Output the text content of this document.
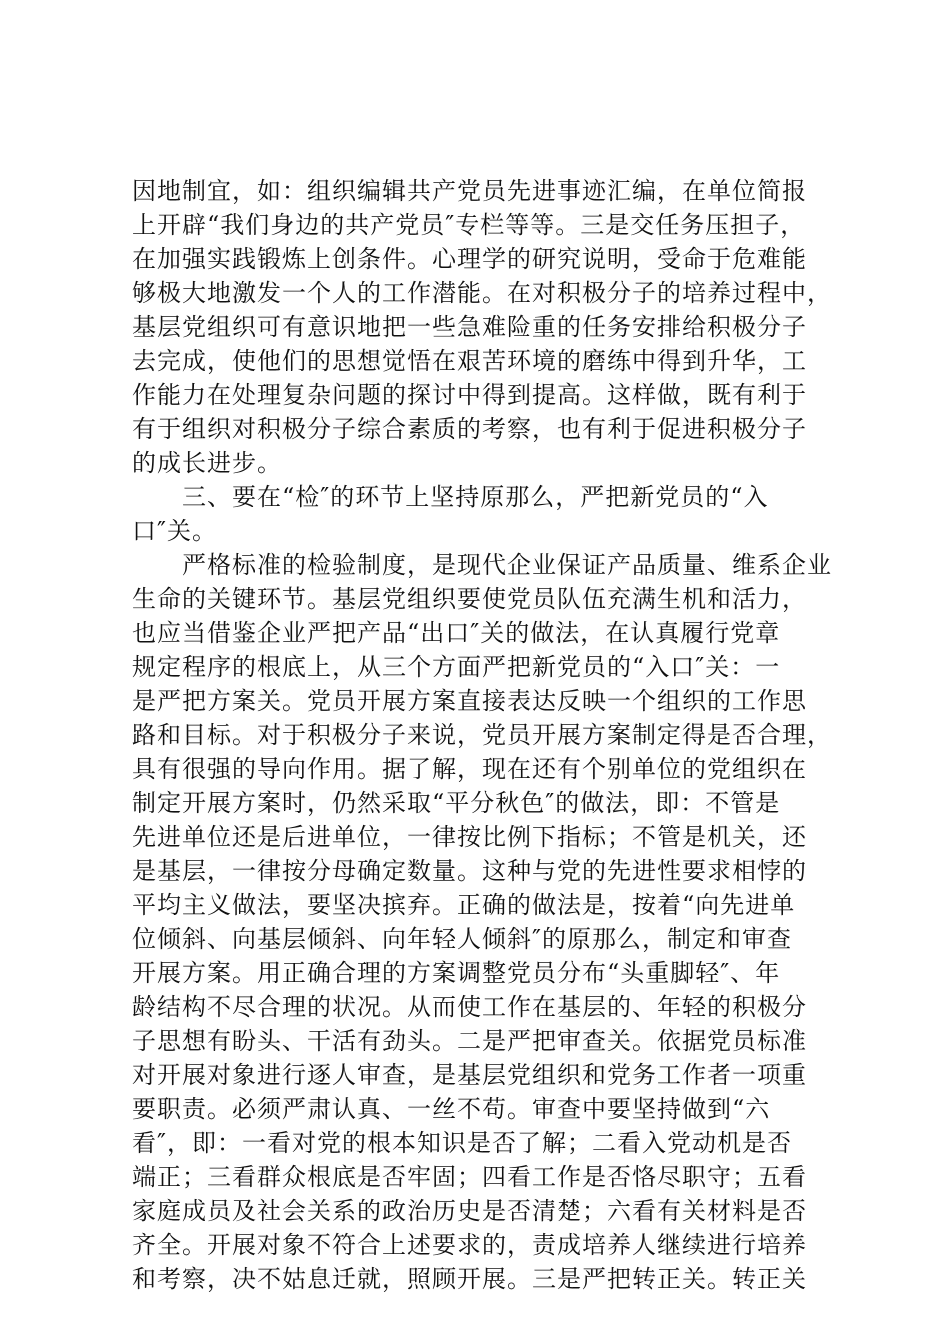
因地制宜，如：组织编辑共产党员先进事迹汇编，在单位简报
上开辟“我们身边的共产党员″专栏等等。三是交任务压担子，
在加强实践锻炼上创条件。心理学的研究说明，受命于危难能
够极大地激发一个人的工作潜能。在对积极分子的培养过程中，
基层党组织可有意识地把一些急难险重的任务安排给积极分子
去完成，使他们的思想觉悟在艰苦环境的磨练中得到升华，工
作能力在处理复杂问题的探讨中得到提高。这样做，既有利于
有于组织对积极分子综合素质的考察，也有利于促进积极分子
的成长进步。
　　三、要在“检″的环节上坚持原那么，严把新党员的“入
口″关。
　　严格标准的检验制度，是现代企业保证产品质量、维系企业
生命的关键环节。基层党组织要使党员队伍充满生机和活力，
也应当借鉴企业严把产品“出口″关的做法，在认真履行党章
规定程序的根底上，从三个方面严把新党员的“入口″关：一
是严把方案关。党员开展方案直接表达反映一个组织的工作思
路和目标。对于积极分子来说，党员开展方案制定得是否合理，
具有很强的导向作用。据了解，现在还有个别单位的党组织在
制定开展方案时，仍然采取“平分秋色″的做法，即：不管是
先进单位还是后进单位，一律按比例下指标；不管是机关，还
是基层，一律按分母确定数量。这种与党的先进性要求相悖的
平均主义做法，要坚决摈弃。正确的做法是，按着“向先进单
位倾斜、向基层倾斜、向年轻人倾斜″的原那么，制定和审查
开展方案。用正确合理的方案调整党员分布“头重脚轻″、年
龄结构不尽合理的状况。从而使工作在基层的、年轻的积极分
子思想有盼头、干活有劲头。二是严把审查关。依据党员标准
对开展对象进行逐人审查，是基层党组织和党务工作者一项重
要职责。必须严肃认真、一丝不苟。审查中要坚持做到“六
看″，即：一看对党的根本知识是否了解；二看入党动机是否
端正；三看群众根底是否牢固；四看工作是否恪尽职守；五看
家庭成员及社会关系的政治历史是否清楚；六看有关材料是否
齐全。开展对象不符合上述要求的，责成培养人继续进行培养
和考察，决不姑息迁就，照顾开展。三是严把转正关。转正关
